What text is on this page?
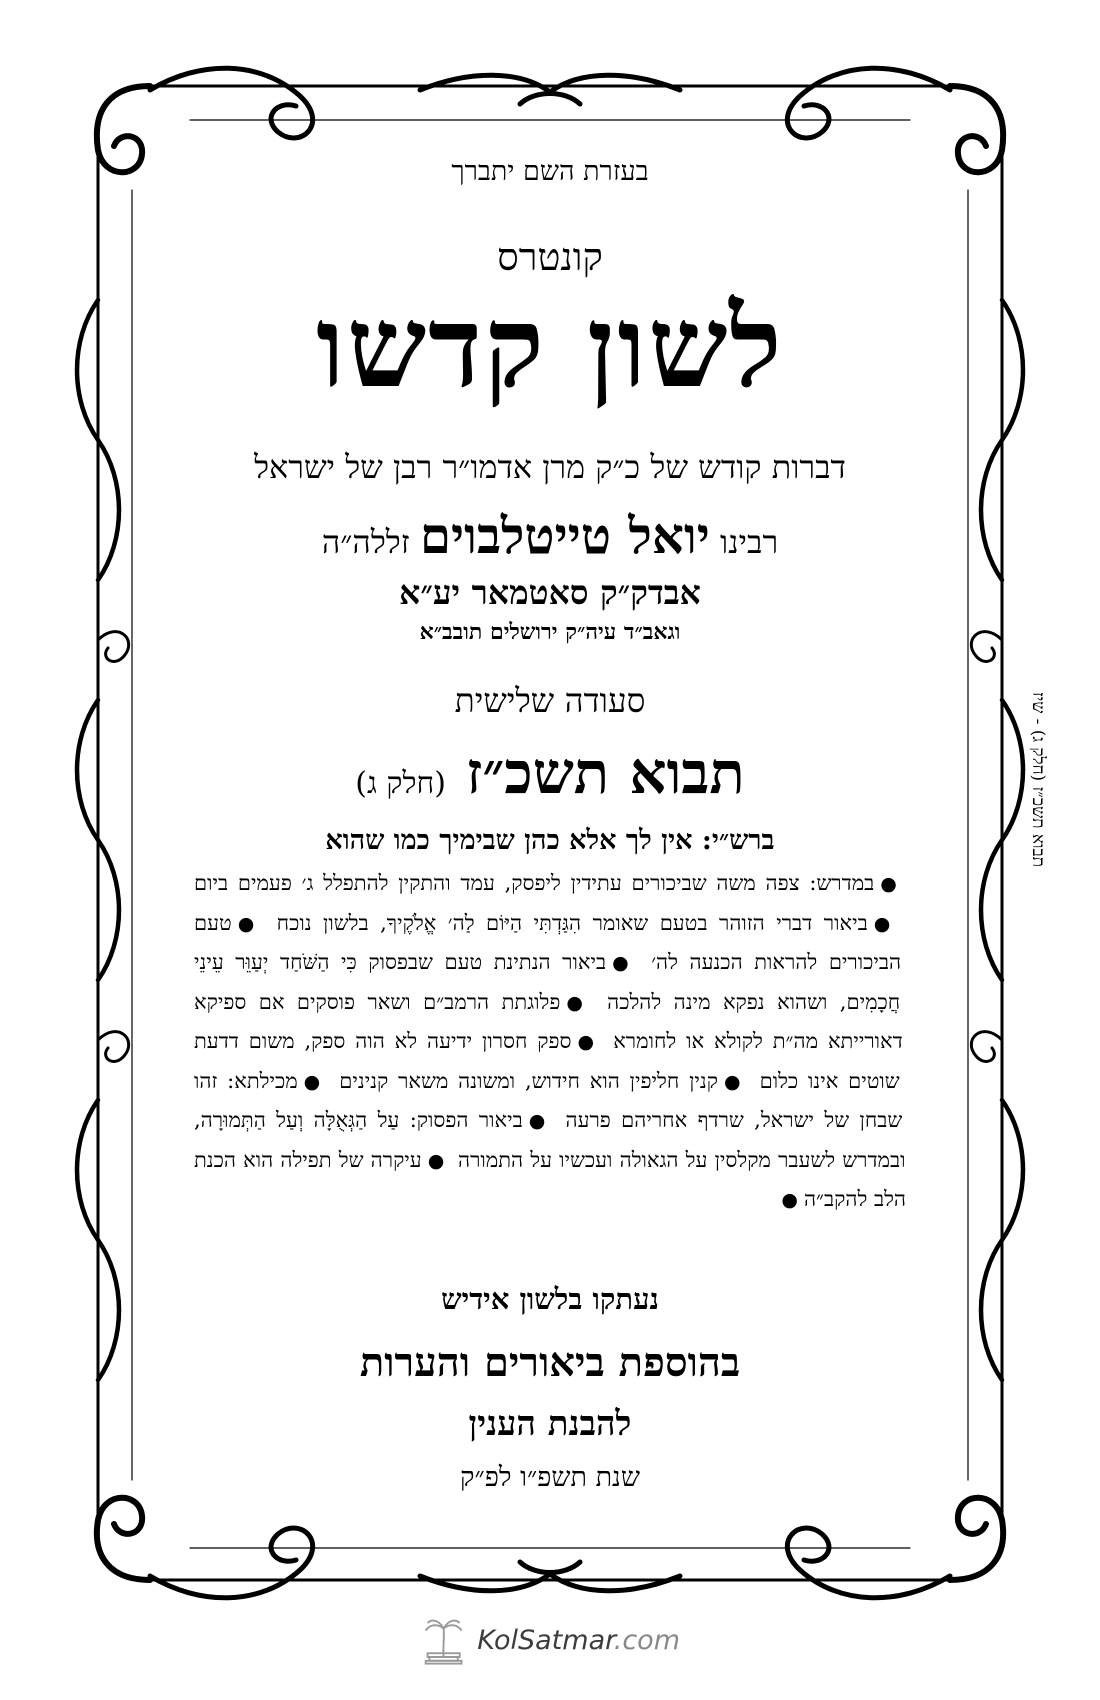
בעזרת השם יתברך
קונטרס
לשון קדשו
דברות קודש של כ״ק מרן אדמו״ר רבן של ישראל
רבינו יואל טייטלבוים זללה״ה
אבדק״ק סאטמאר יע״א
וגאב״ד עיה״ק ירושלים תובב״א
סעודה שלישית
תבוא תשכ״ז (חלק ג)
ברש״י: אין לך אלא כהן שבימיך כמו שהוא
●במדרש: צפה משה שביכורים עתידין ליפסק, עמד והתקין להתפלל ג׳ פעמים ביום ●ביאור דברי הזוהר בטעם שאומר הִגַּדְתִּי הַיּוֹם לַה׳ אֱלֹקֶיךָ, בלשון נוכח ●טעם הביכורים להראות הכנעה לה׳ ●ביאור הנתינת טעם שבפסוק כִּי הַשֹּׁחַד יְעַוֵּר עֵינֵי חֲכָמִים, ושהוא נפקא מינה להלכה ●פלוגתת הרמב״ם ושאר פוסקים אם ספיקא דאורייתא מה״ת לקולא או לחומרא ●ספק חסרון ידיעה לא הוה ספק, משום דדעת שוטים אינו כלום ●קנין חליפין הוא חידוש, ומשונה משאר קנינים ●מכילתא: זהו שבחן של ישראל, שרדף אחריהם פרעה ●ביאור הפסוק: עַל הַגְּאֻלָּה וְעַל הַתְּמוּרָה, ובמדרש לשעבר מקלסין על הגאולה ועכשיו על התמורה ●עיקרה של תפילה הוא הכנת הלב להקב״ה●
נעתקו בלשון אידיש
בהוספת ביאורים והערות
להבנת הענין
שנת תשפ״ו לפ״ק
תבוא תשכ״ז (חלק ג) - שיז
KolSatmar.com
